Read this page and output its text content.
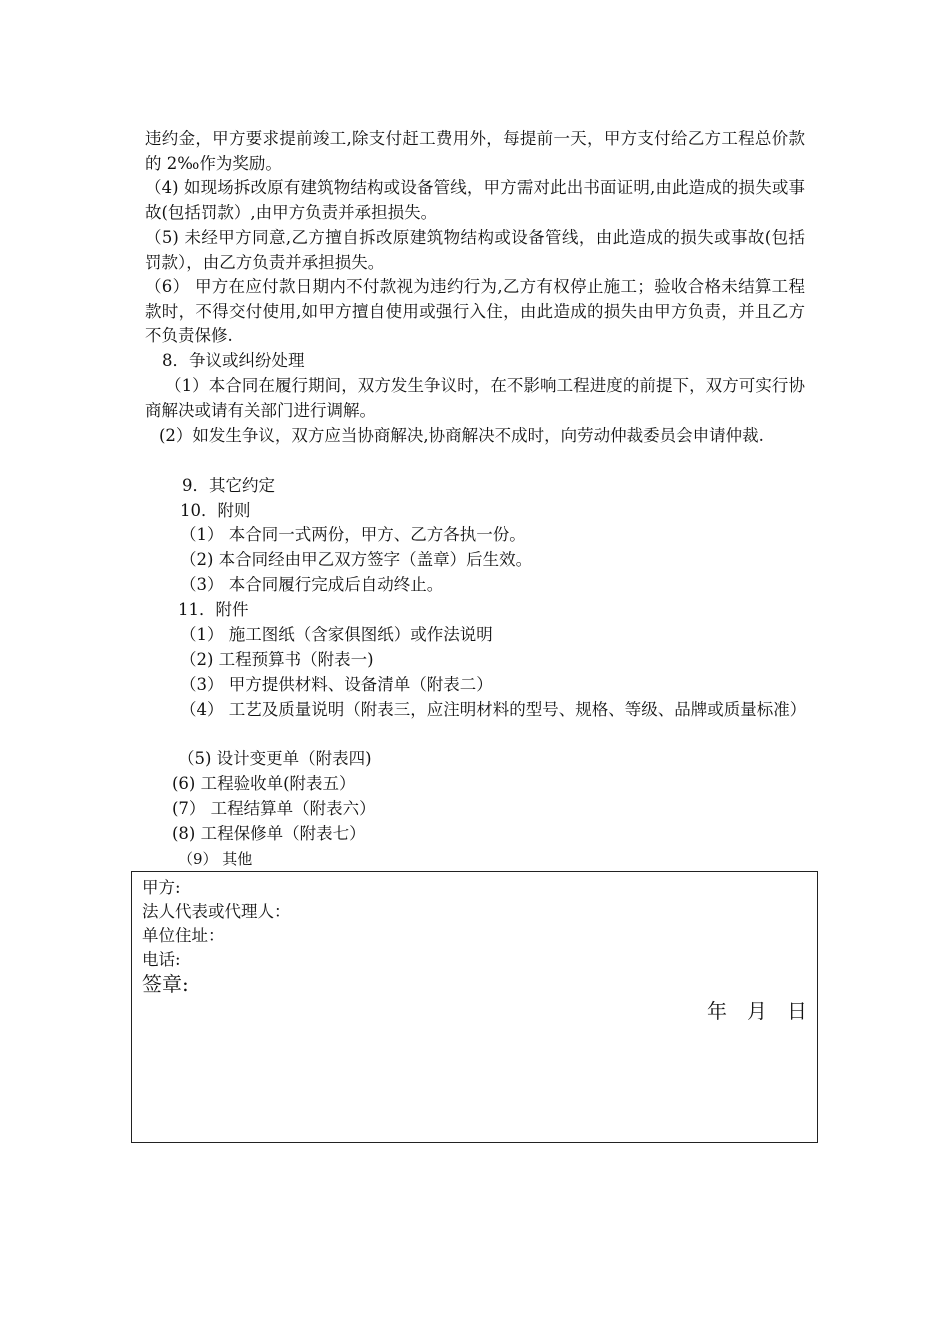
违约金，甲方要求提前竣工,除支付赶工费用外，每提前一天，甲方支付给乙方工程总价款的 2‰作为奖励。

（4) 如现场拆改原有建筑物结构或设备管线，甲方需对此出书面证明,由此造成的损失或事故(包括罚款）,由甲方负责并承担损失。

（5) 未经甲方同意,乙方擅自拆改原建筑物结构或设备管线，由此造成的损失或事故(包括罚款），由乙方负责并承担损失。

（6） 甲方在应付款日期内不付款视为违约行为,乙方有权停止施工；验收合格未结算工程款时，不得交付使用,如甲方擅自使用或强行入住，由此造成的损失由甲方负责，并且乙方不负责保修.

8．争议或纠纷处理

（1）本合同在履行期间，双方发生争议时，在不影响工程进度的前提下，双方可实行协商解决或请有关部门进行调解。

(2）如发生争议，双方应当协商解决,协商解决不成时，向劳动仲裁委员会申请仲裁.

9．其它约定

10．附则

（1） 本合同一式两份，甲方、乙方各执一份。

（2) 本合同经由甲乙双方签字（盖章）后生效。

（3） 本合同履行完成后自动终止。

11．附件

（1） 施工图纸（含家俱图纸）或作法说明

（2) 工程预算书（附表一)

（3） 甲方提供材料、设备清单（附表二）

（4） 工艺及质量说明（附表三，应注明材料的型号、规格、等级、品牌或质量标准）

（5) 设计变更单（附表四)

(6) 工程验收单(附表五）

(7） 工程结算单（附表六）

(8) 工程保修单（附表七）

（9） 其他

甲方:
法人代表或代理人：
单位住址：
电话:
签章:
年　月　日
